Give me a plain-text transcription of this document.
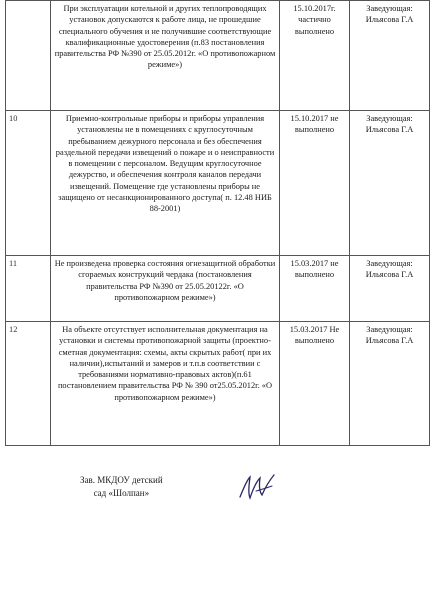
	При эксплуатации котельной и других теплопроводящих установок допускаются к работе лица, не прошедшие специального обучения и не получившие соответствующие квалификационные удостоверения (п.83 постановления правительства РФ №390 от 25.05.2012г. «О противопожарном режиме»)	15.10.2017г. частично выполнено	Заведующая: Ильясова Г.А
10	Приемно-контрольные приборы и приборы управления установлены не в помещениях с круглосуточным пребыванием дежурного персонала и без обеспечения раздельной передачи извещений о пожаре и о неисправности в помещении с персоналом. Ведущим круглосуточное дежурство, и обеспечения контроля каналов передачи извещений. Помещение где установлены приборы не защищено от несанкционированного доступа( п. 12.48 НИБ 88-2001)	15.10.2017 не выполнено	Заведующая: Ильясова Г.А
11	Не произведена проверка состояния огнезащитной обработки сгораемых конструкций чердака (постановления правительства РФ №390 от 25.05.20122г. «О противопожарном режиме»)	15.03.2017 не выполнено	Заведующая: Ильясова Г.А
12	На объекте отсутствует исполнительная документация на установки и системы противопожарной защиты (проектно-сметная документация: схемы, акты скрытых работ( при их наличии),испытаний и замеров и т.п.в соответствии с требованиями нормативно-правовых актов)(п.61 постановлением правительства РФ № 390 от25.05.2012г. «О противопожарном режиме»)	15.03.2017 Не выполнено	Заведующая: Ильясова Г.А
Зав. МКДОУ детский
сад «Шолпан»
